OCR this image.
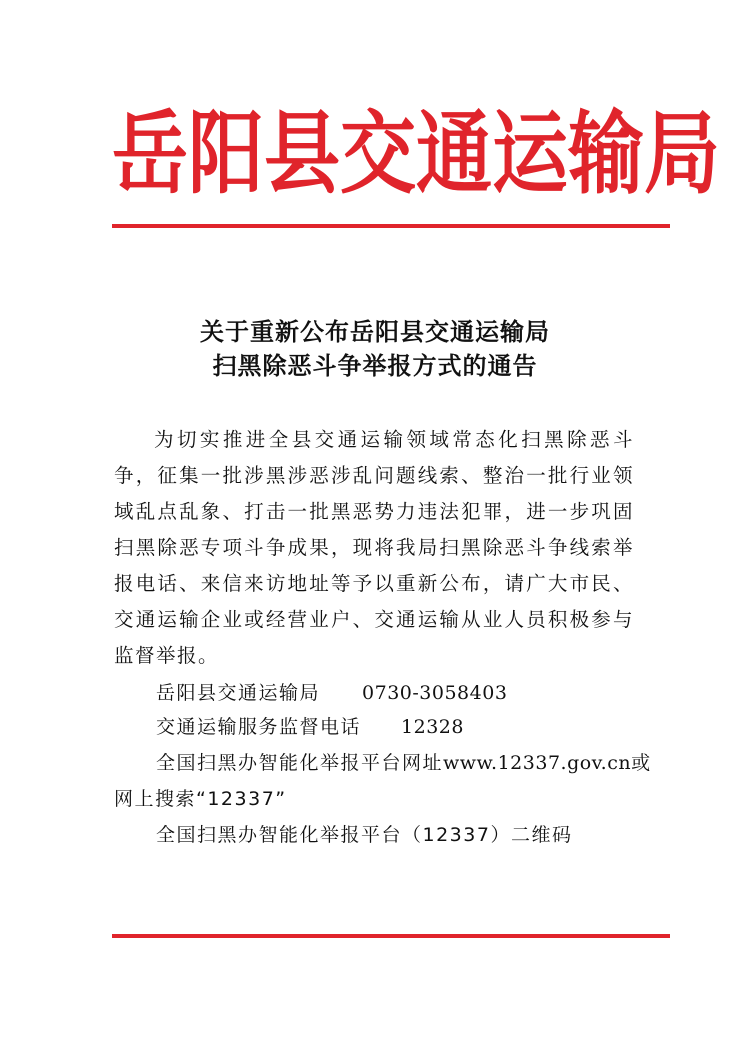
岳 阳 县 交 通 运 输 局
关于重新公布岳阳县交通运输局
扫黑除恶斗争举报方式的通告

为切实推进全县交通运输领域常态化扫黑除恶斗争，征集一批涉黑涉恶涉乱问题线索、整治一批行业领域乱点乱象、打击一批黑恶势力违法犯罪，进一步巩固扫黑除恶专项斗争成果，现将我局扫黑除恶斗争线索举报电话、来信来访地址等予以重新公布，请广大市民、交通运输企业或经营业户、交通运输从业人员积极参与监督举报。

岳阳县交通运输局 0730-3058403
交通运输服务监督电话 12328
全国扫黑办智能化举报平台网址www.12337.gov.cn或
网上搜索“12337”
全国扫黑办智能化举报平台（12337）二维码
